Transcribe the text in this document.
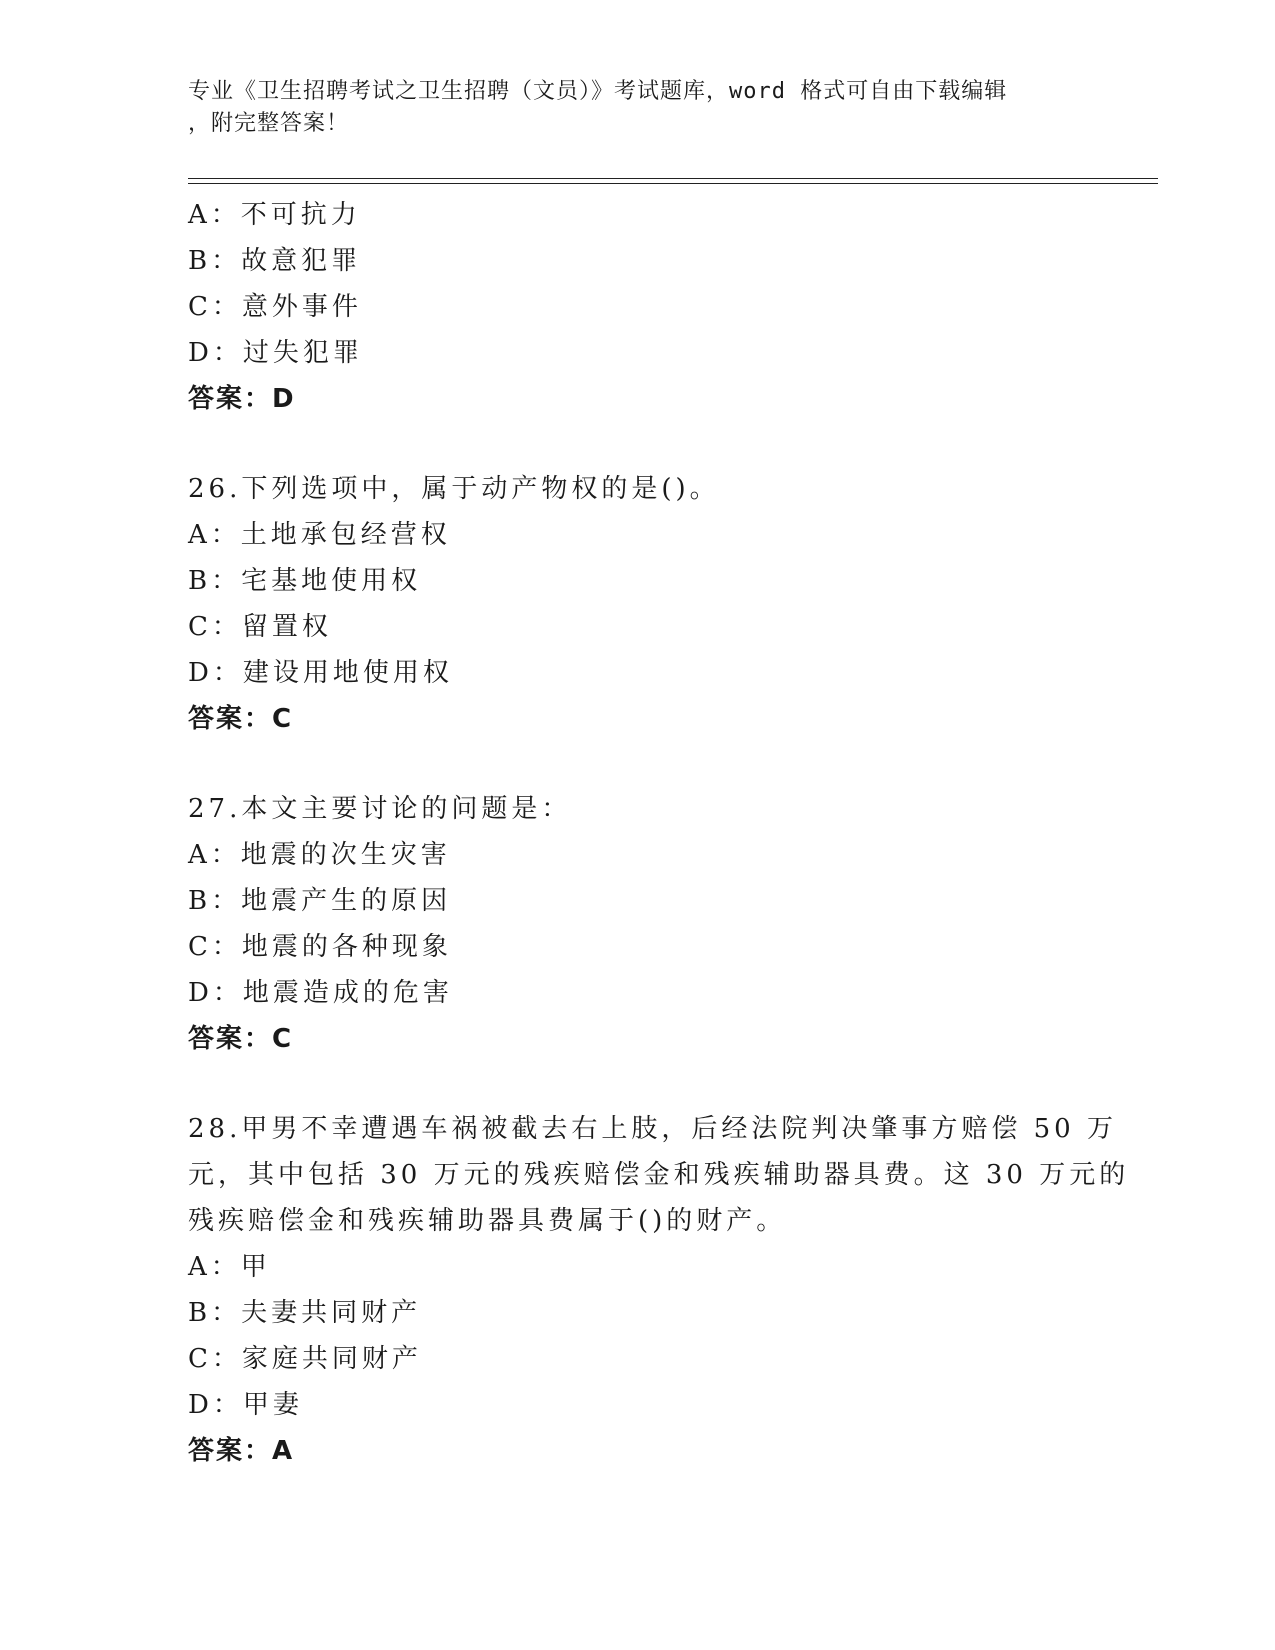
专业《卫生招聘考试之卫生招聘（文员）》考试题库，word 格式可自由下载编辑
，附完整答案！
A：不可抗力
B：故意犯罪
C：意外事件
D：过失犯罪
答案：D
26.下列选项中，属于动产物权的是()。
A：土地承包经营权
B：宅基地使用权
C：留置权
D：建设用地使用权
答案：C
27.本文主要讨论的问题是：
A：地震的次生灾害
B：地震产生的原因
C：地震的各种现象
D：地震造成的危害
答案：C
28.甲男不幸遭遇车祸被截去右上肢，后经法院判决肇事方赔偿 50 万
元，其中包括 30 万元的残疾赔偿金和残疾辅助器具费。这 30 万元的
残疾赔偿金和残疾辅助器具费属于()的财产。
A：甲
B：夫妻共同财产
C：家庭共同财产
D：甲妻
答案：A
